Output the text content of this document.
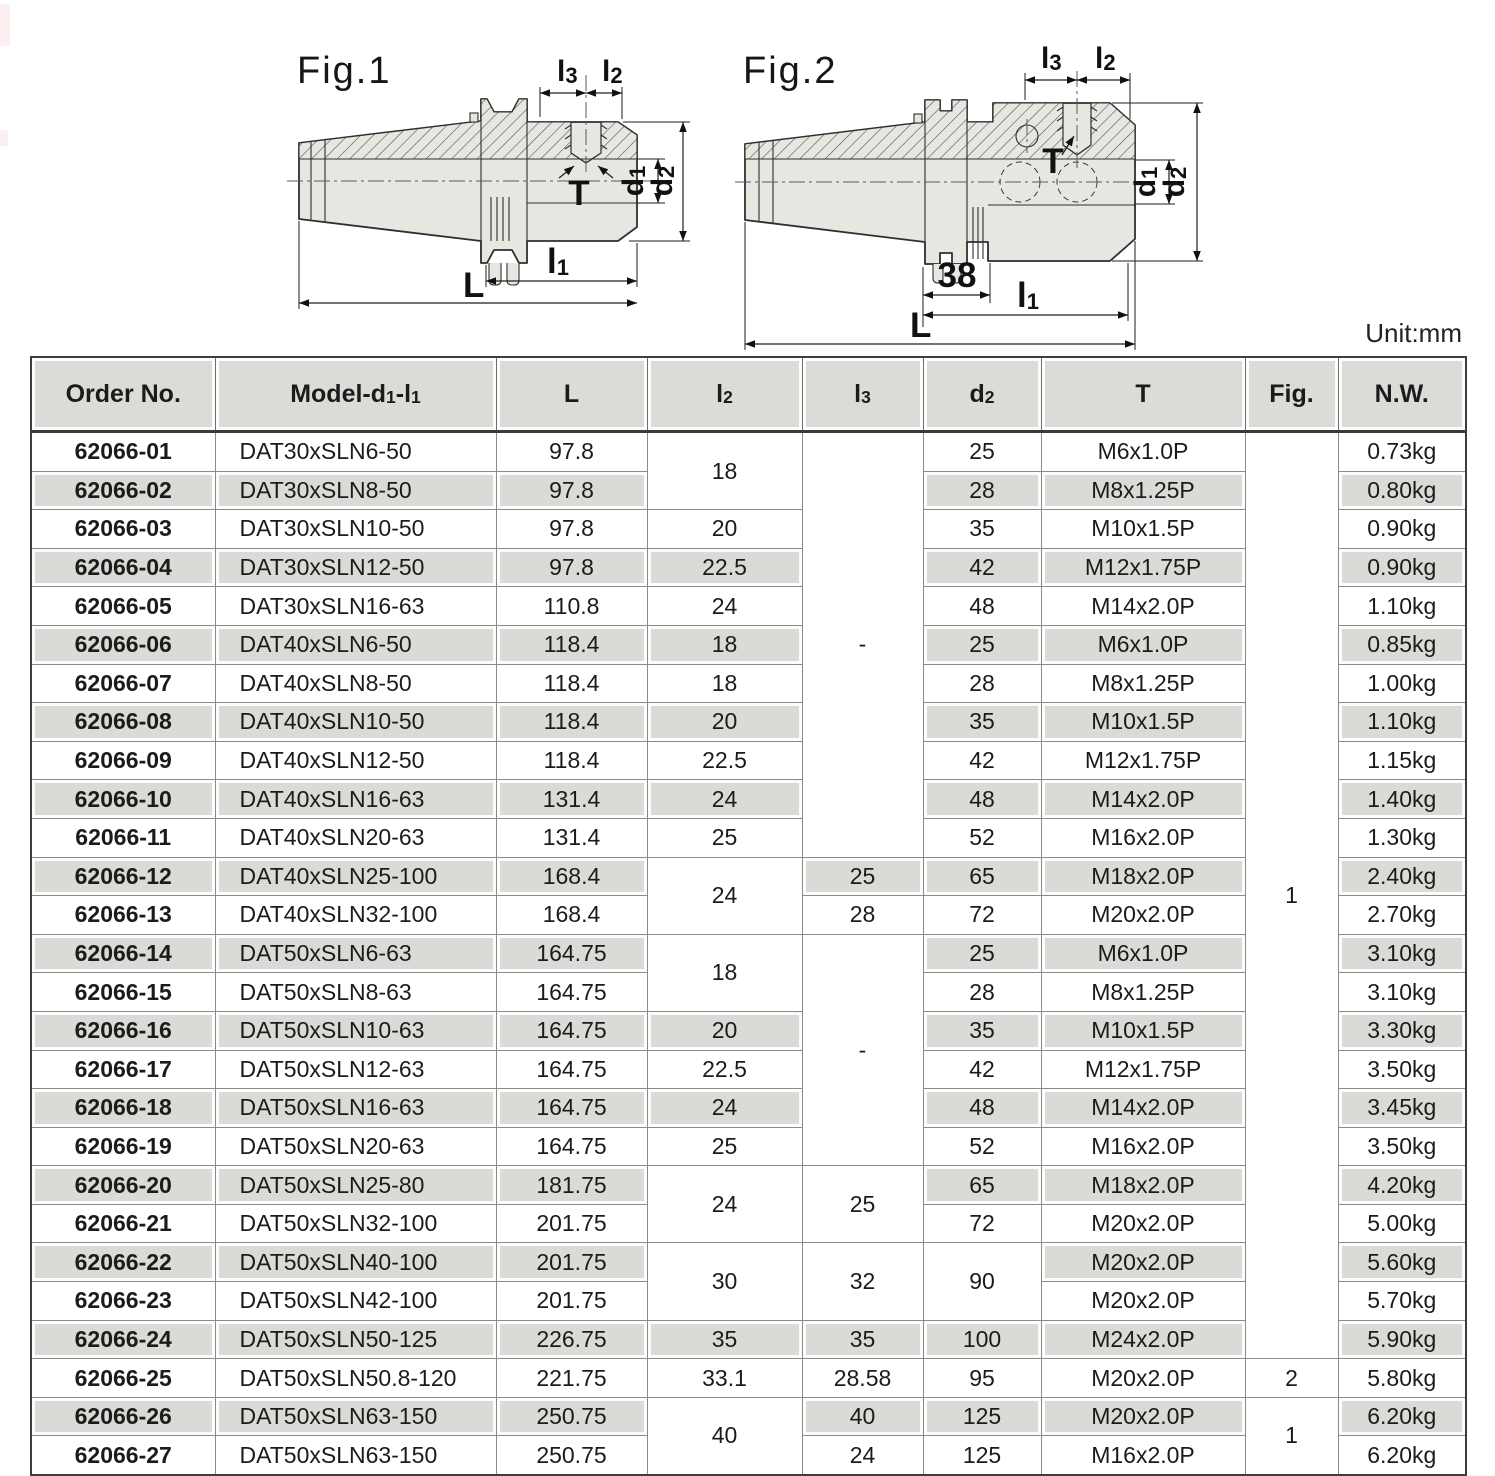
Fig.1	l3 l2
T d1
d2
l1
L
Fig.2	l3 l2
T
38
l1
L
d1
d2
Unit:mm
Order No.	Model-d1-l1	L	l2	l3	d2	T	Fig.	N.W.
62066-01	DAT30xSLN6-50	97.8	18	-	25	M6x1.0P	1	0.73kg
62066-02	DAT30xSLN8-50	97.8			28	M8x1.25P		0.80kg
62066-03	DAT30xSLN10-50	97.8	20		35	M10x1.5P		0.90kg
62066-04	DAT30xSLN12-50	97.8	22.5		42	M12x1.75P		0.90kg
62066-05	DAT30xSLN16-63	110.8	24		48	M14x2.0P		1.10kg
62066-06	DAT40xSLN6-50	118.4	18		25	M6x1.0P		0.85kg
62066-07	DAT40xSLN8-50	118.4	18		28	M8x1.25P		1.00kg
62066-08	DAT40xSLN10-50	118.4	20		35	M10x1.5P		1.10kg
62066-09	DAT40xSLN12-50	118.4	22.5		42	M12x1.75P		1.15kg
62066-10	DAT40xSLN16-63	131.4	24		48	M14x2.0P		1.40kg
62066-11	DAT40xSLN20-63	131.4	25		52	M16x2.0P		1.30kg
62066-12	DAT40xSLN25-100	168.4	24	25	65	M18x2.0P		2.40kg
62066-13	DAT40xSLN32-100	168.4		28	72	M20x2.0P		2.70kg
62066-14	DAT50xSLN6-63	164.75	18	-	25	M6x1.0P		3.10kg
62066-15	DAT50xSLN8-63	164.75			28	M8x1.25P		3.10kg
62066-16	DAT50xSLN10-63	164.75	20		35	M10x1.5P		3.30kg
62066-17	DAT50xSLN12-63	164.75	22.5		42	M12x1.75P		3.50kg
62066-18	DAT50xSLN16-63	164.75	24		48	M14x2.0P		3.45kg
62066-19	DAT50xSLN20-63	164.75	25		52	M16x2.0P		3.50kg
62066-20	DAT50xSLN25-80	181.75	24	25	65	M18x2.0P		4.20kg
62066-21	DAT50xSLN32-100	201.75			72	M20x2.0P		5.00kg
62066-22	DAT50xSLN40-100	201.75	30	32	90	M20x2.0P		5.60kg
62066-23	DAT50xSLN42-100	201.75				M20x2.0P		5.70kg
62066-24	DAT50xSLN50-125	226.75	35	35	100	M24x2.0P		5.90kg
62066-25	DAT50xSLN50.8-120	221.75	33.1	28.58	95	M20x2.0P	2	5.80kg
62066-26	DAT50xSLN63-150	250.75	40	40	125	M20x2.0P	1	6.20kg
62066-27	DAT50xSLN63-150	250.75		24	125	M16x2.0P		6.20kg
